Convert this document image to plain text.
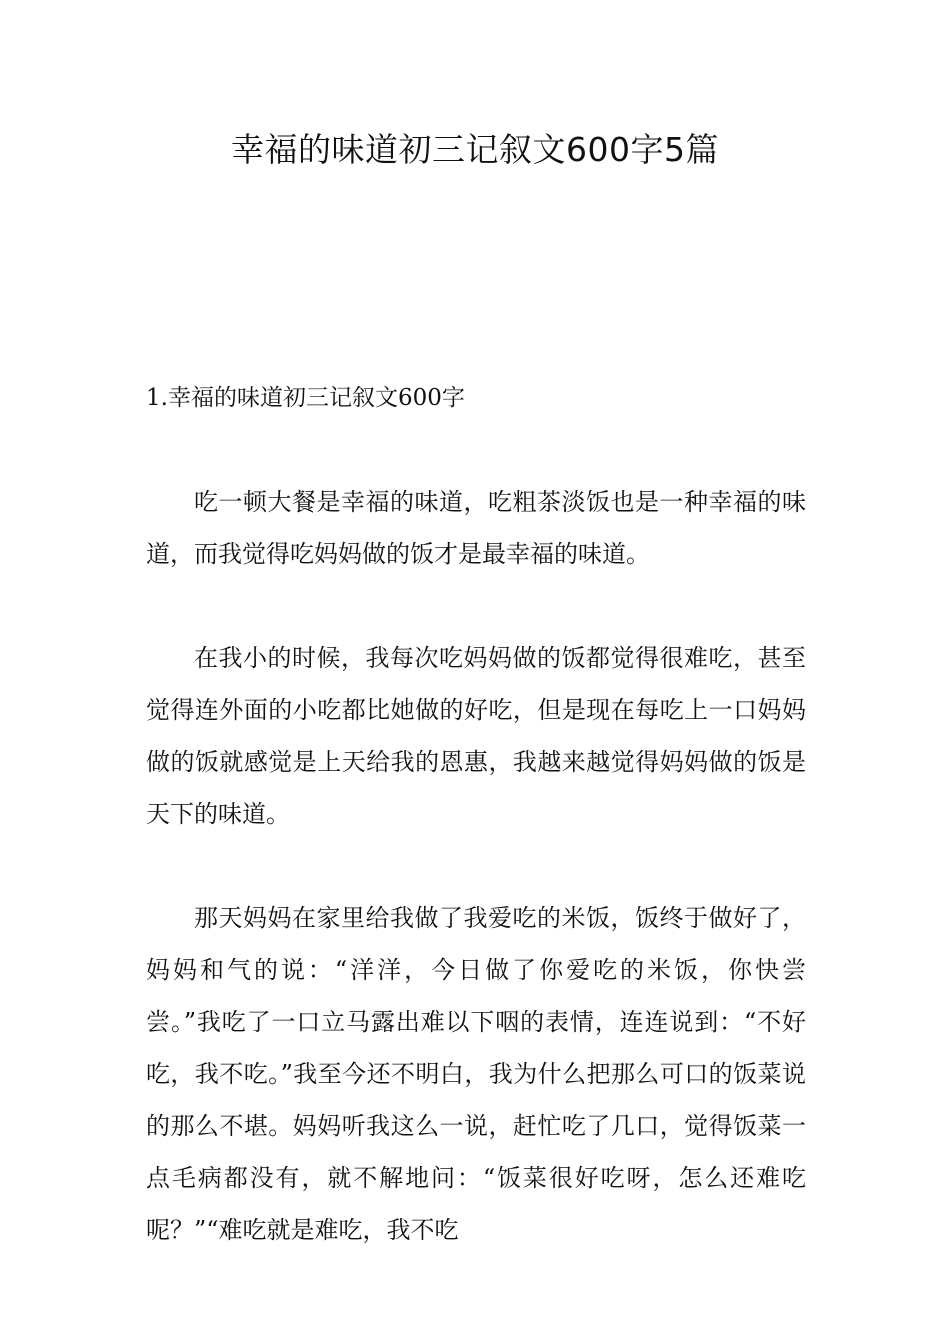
幸福的味道初三记叙文600字5篇
1.幸福的味道初三记叙文600字

吃一顿大餐是幸福的味道，吃粗茶淡饭也是一种幸福的味道，而我觉得吃妈妈做的饭才是最幸福的味道。

在我小的时候，我每次吃妈妈做的饭都觉得很难吃，甚至觉得连外面的小吃都比她做的好吃，但是现在每吃上一口妈妈做的饭就感觉是上天给我的恩惠，我越来越觉得妈妈做的饭是天下的味道。

那天妈妈在家里给我做了我爱吃的米饭，饭终于做好了，妈妈和气的说：“洋洋，今日做了你爱吃的米饭，你快尝尝。”我吃了一口立马露出难以下咽的表情，连连说到：“不好吃，我不吃。”我至今还不明白，我为什么把那么可口的饭菜说的那么不堪。妈妈听我这么一说，赶忙吃了几口，觉得饭菜一点毛病都没有，就不解地问：“饭菜很好吃呀，怎么还难吃呢？”“难吃就是难吃，我不吃
